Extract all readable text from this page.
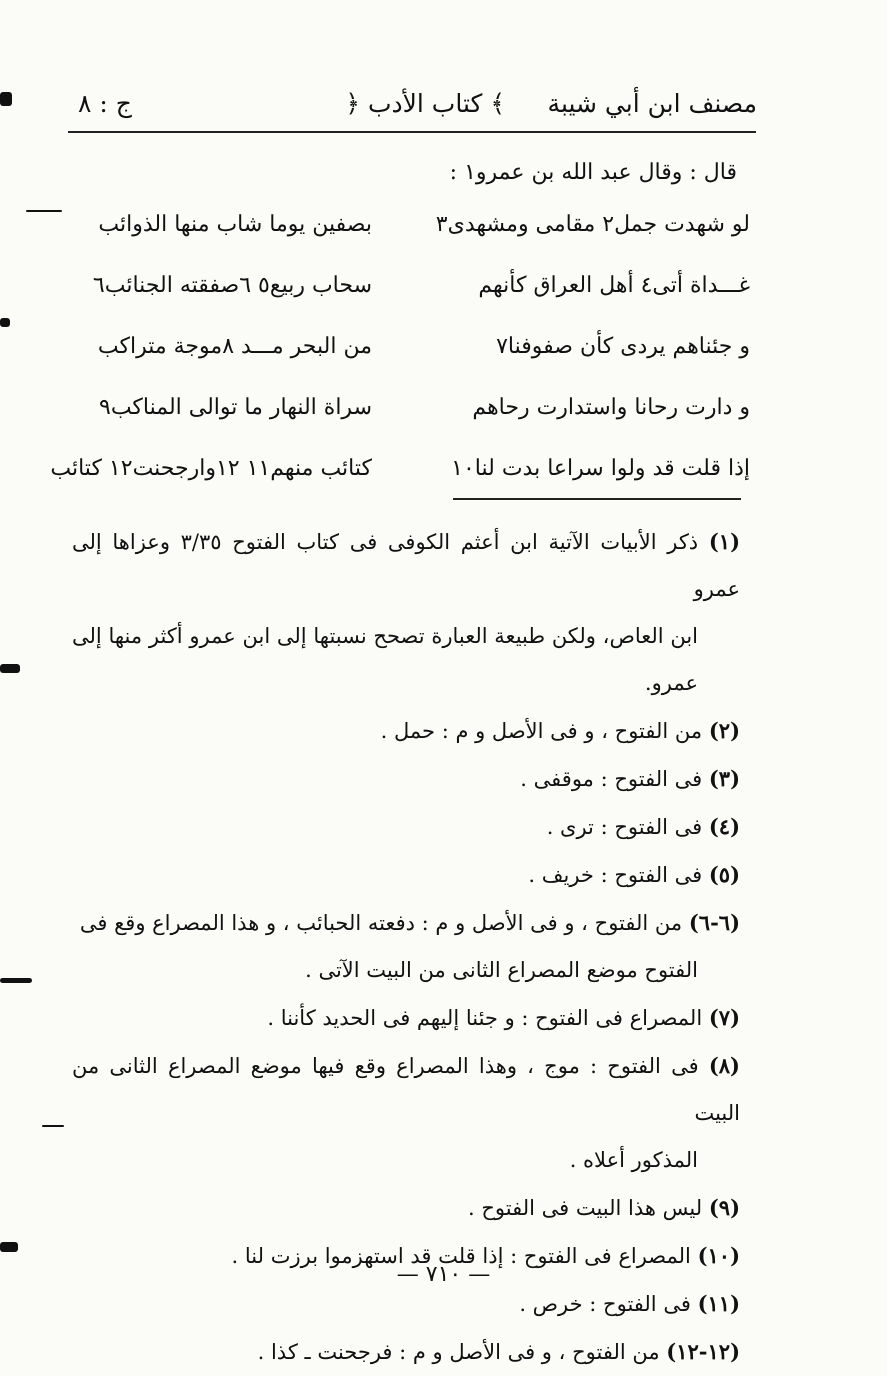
مصنف ابن أبي شيبة
﴿ كتاب الأدب ﴾
ج : ٨
قال : وقال عبد الله بن عمرو١ :
لو شهدت جمل٢ مقامى ومشهدى٣
بصفين يوما شاب منها الذوائب
غـــداة أتى٤ أهل العراق كأنهم
سحاب ربيع٥ ٦صفقته الجنائب٦
و جئناهم يردى كأن صفوفنا٧
من البحر مـــد ٨موجة متراكب
و دارت رحانا واستدارت رحاهم
سراة النهار ما توالى المناكب٩
إذا قلت قد ولوا سراعا بدت لنا١٠
كتائب منهم١١ ١٢وارجحنت١٢ كتائب
(١) ذكر الأبيات الآتية ابن أعثم الكوفى فى كتاب الفتوح ٣/٣٥ وعزاها إلى عمرو
ابن العاص، ولكن طبيعة العبارة تصحح نسبتها إلى ابن عمرو أكثر منها إلى عمرو.
(٢) من الفتوح ، و فى الأصل و م : حمل .
(٣) فى الفتوح : موقفى .
(٤) فى الفتوح : ترى .
(٥) فى الفتوح : خريف .
(٦-٦) من الفتوح ، و فى الأصل و م : دفعته الحبائب ، و هذا المصراع وقع فى
الفتوح موضع المصراع الثانى من البيت الآتى .
(٧) المصراع فى الفتوح : و جئنا إليهم فى الحديد كأننا .
(٨) فى الفتوح : موج ، وهذا المصراع وقع فيها موضع المصراع الثانى من البيت
المذكور أعلاه .
(٩) ليس هذا البيت فى الفتوح .
(١٠) المصراع فى الفتوح : إذا قلت قد استهزموا برزت لنا .
(١١) فى الفتوح : خرص .
(١٢-١٢) من الفتوح ، و فى الأصل و م : فرجحنت ـ كذا .
— ٧١٠ —
